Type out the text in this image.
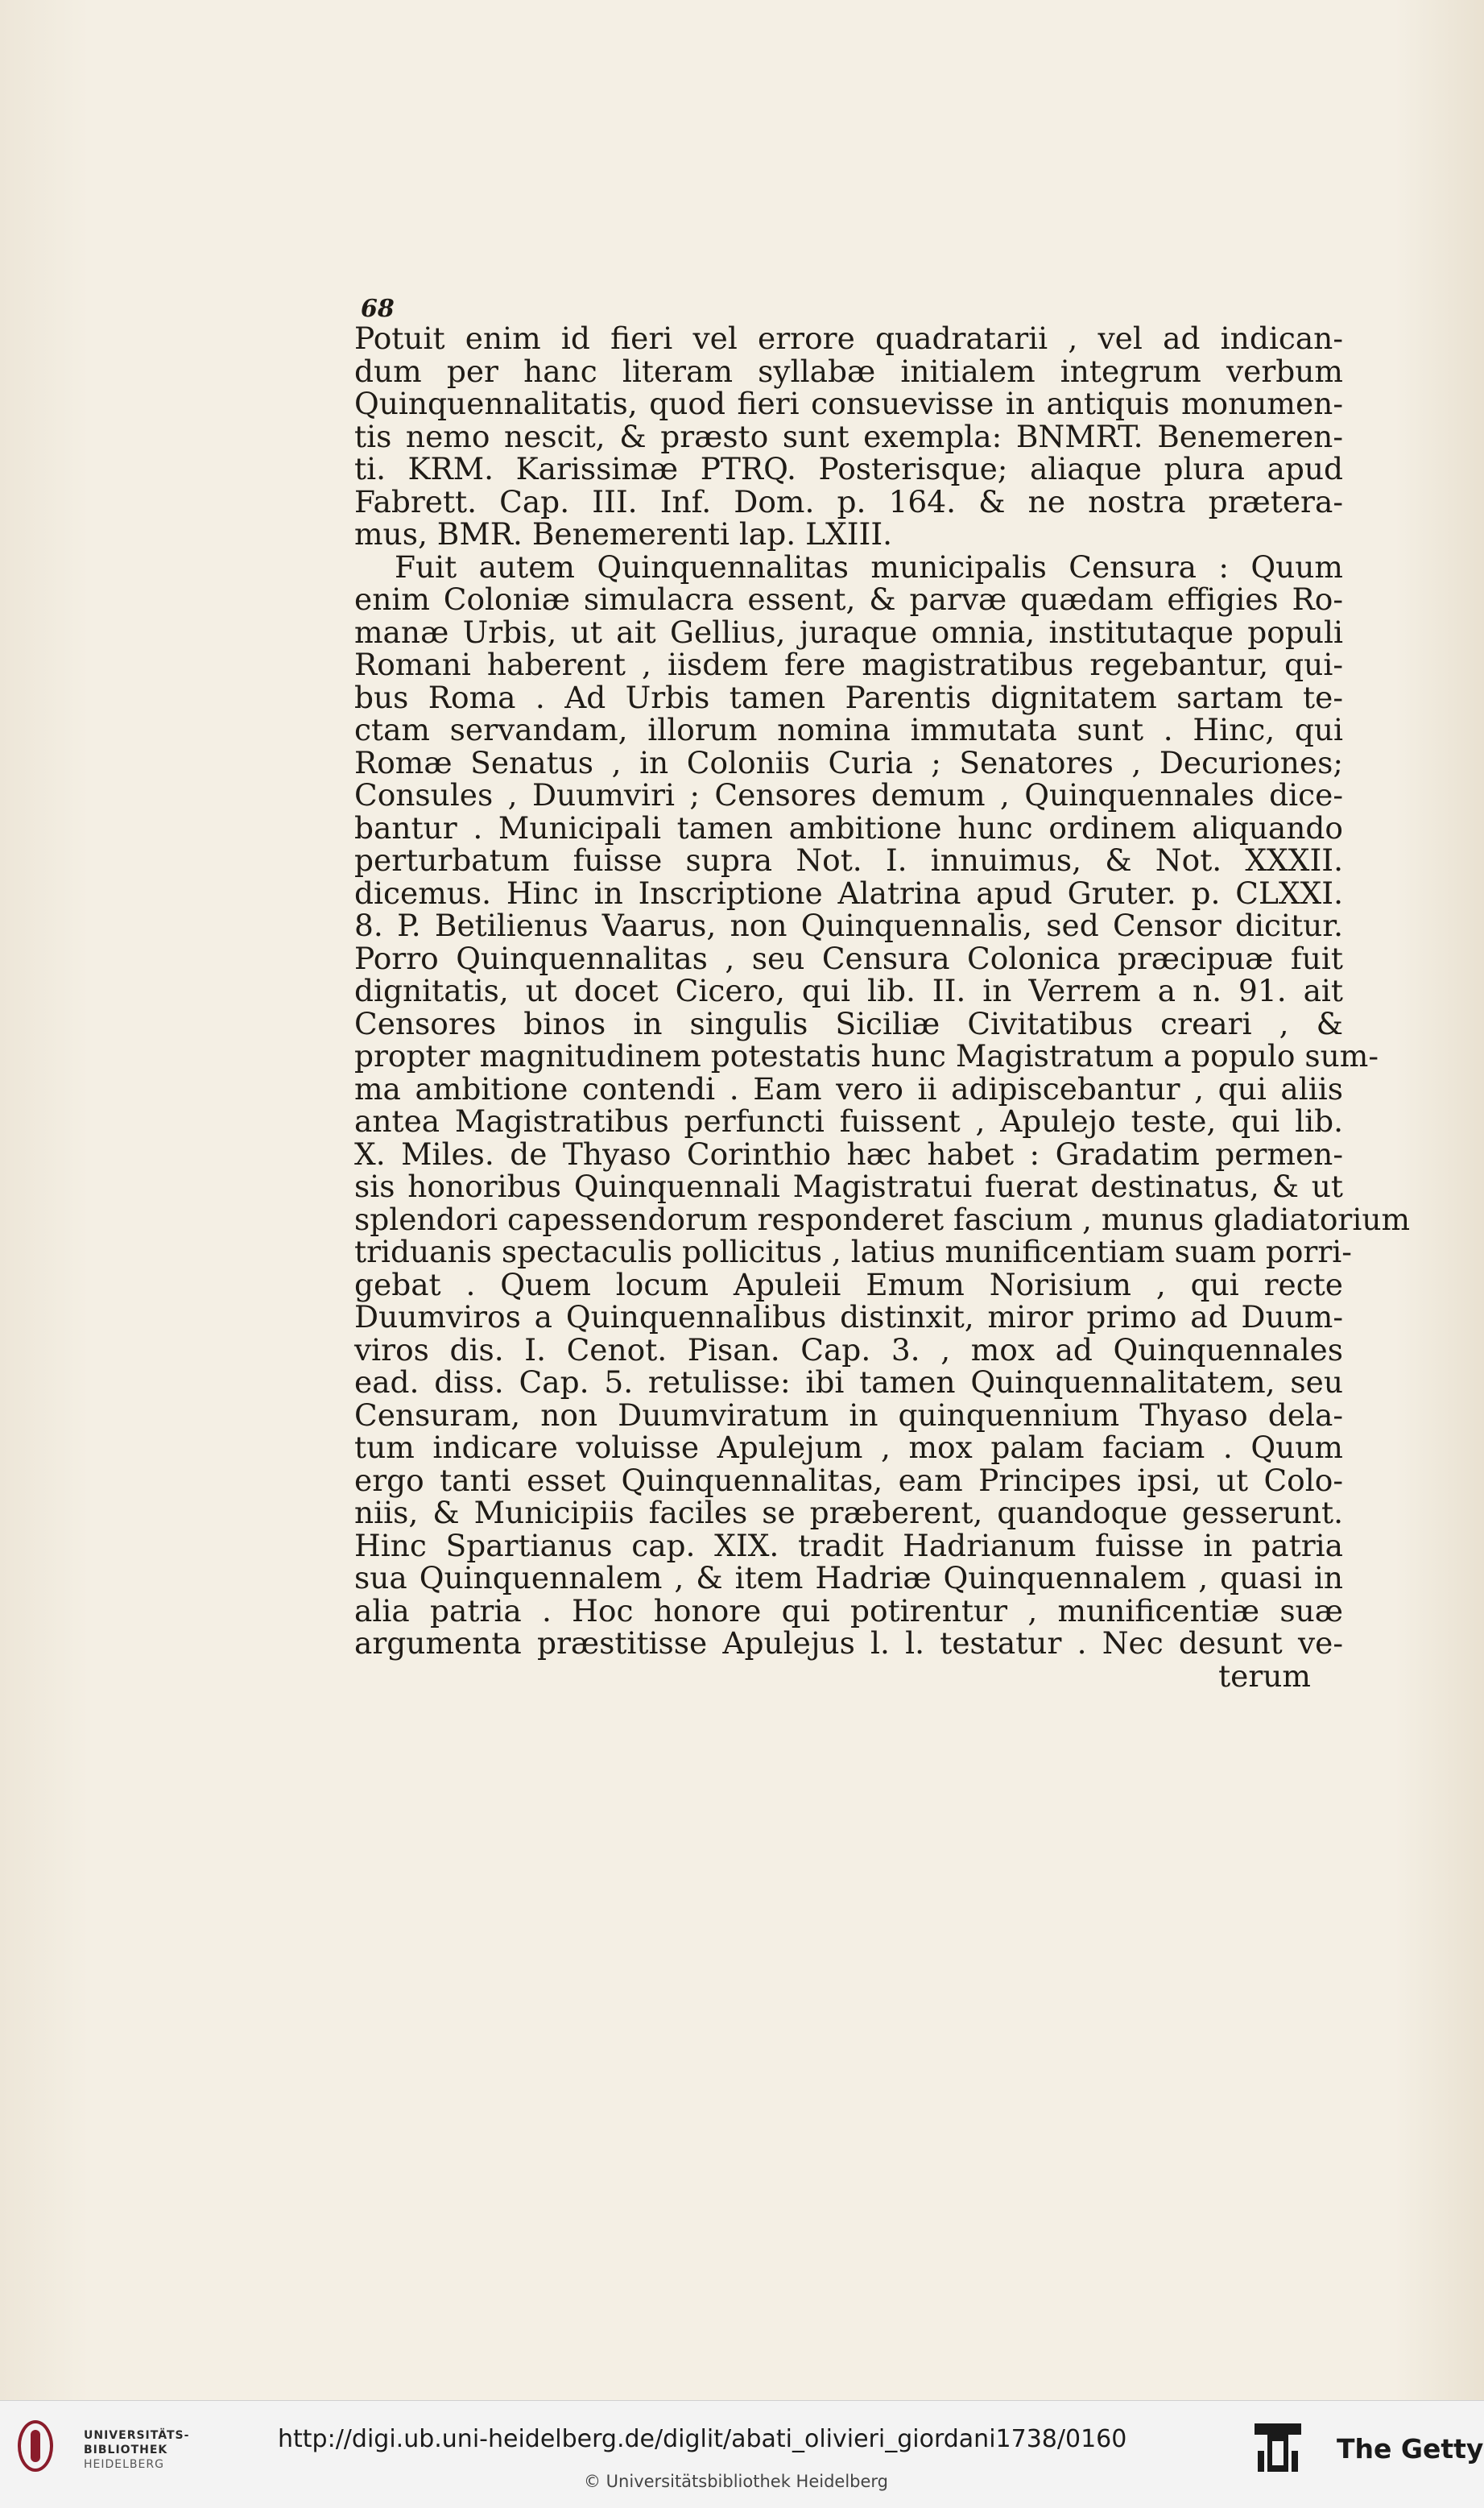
68
Potuit enim id fieri vel errore quadratarii , vel ad indican-
dum per hanc literam syllabæ initialem integrum verbum
Quinquennalitatis, quod fieri consuevisse in antiquis monumen-
tis nemo nescit, & præsto sunt exempla: BNMRT. Benemeren-
ti. KRM. Karissimæ PTRQ. Posterisque; aliaque plura apud
Fabrett. Cap. III. Inf. Dom. p. 164. & ne nostra prætera-
mus, BMR. Benemerenti lap. LXIII.
Fuit autem Quinquennalitas municipalis Censura : Quum
enim Coloniæ simulacra essent, & parvæ quædam effigies Ro-
manæ Urbis, ut ait Gellius, juraque omnia, institutaque populi
Romani haberent , iisdem fere magistratibus regebantur, qui-
bus Roma . Ad Urbis tamen Parentis dignitatem sartam te-
ctam servandam, illorum nomina immutata sunt . Hinc, qui
Romæ Senatus , in Coloniis Curia ; Senatores , Decuriones;
Consules , Duumviri ; Censores demum , Quinquennales dice-
bantur . Municipali tamen ambitione hunc ordinem aliquando
perturbatum fuisse supra Not. I. innuimus, & Not. XXXII.
dicemus. Hinc in Inscriptione Alatrina apud Gruter. p. CLXXI.
8. P. Betilienus Vaarus, non Quinquennalis, sed Censor dicitur.
Porro Quinquennalitas , seu Censura Colonica præcipuæ fuit
dignitatis, ut docet Cicero, qui lib. II. in Verrem a n. 91. ait
Censores binos in singulis Siciliæ Civitatibus creari , &
propter magnitudinem potestatis hunc Magistratum a populo sum-
ma ambitione contendi . Eam vero ii adipiscebantur , qui aliis
antea Magistratibus perfuncti fuissent , Apulejo teste, qui lib.
X. Miles. de Thyaso Corinthio hæc habet : Gradatim permen-
sis honoribus Quinquennali Magistratui fuerat destinatus, & ut
splendori capessendorum responderet fascium , munus gladiatorium
triduanis spectaculis pollicitus , latius munificentiam suam porri-
gebat . Quem locum Apuleii Emum Norisium , qui recte
Duumviros a Quinquennalibus distinxit, miror primo ad Duum-
viros dis. I. Cenot. Pisan. Cap. 3. , mox ad Quinquennales
ead. diss. Cap. 5. retulisse: ibi tamen Quinquennalitatem, seu
Censuram, non Duumviratum in quinquennium Thyaso dela-
tum indicare voluisse Apulejum , mox palam faciam . Quum
ergo tanti esset Quinquennalitas, eam Principes ipsi, ut Colo-
niis, & Municipiis faciles se præberent, quandoque gesserunt.
Hinc Spartianus cap. XIX. tradit Hadrianum fuisse in patria
sua Quinquennalem , & item Hadriæ Quinquennalem , quasi in
alia patria . Hoc honore qui potirentur , munificentiæ suæ
argumenta præstitisse Apulejus l. l. testatur . Nec desunt ve-
terum
UNIVERSITÄTS-
BIBLIOTHEK
HEIDELBERG
http://digi.ub.uni-heidelberg.de/diglit/abati_olivieri_giordani1738/0160
© Universitätsbibliothek Heidelberg
The Getty
